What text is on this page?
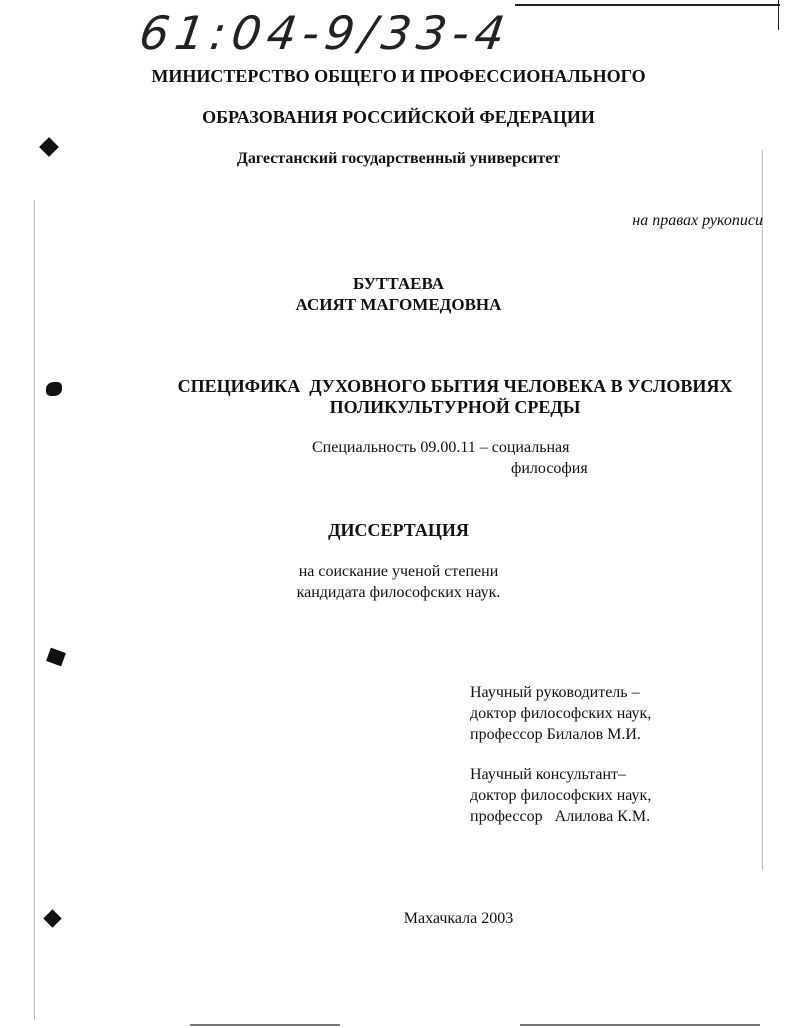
61:04-9/33-4
МИНИСТЕРСТВО ОБЩЕГО И ПРОФЕССИОНАЛЬНОГО
ОБРАЗОВАНИЯ РОССИЙСКОЙ ФЕДЕРАЦИИ
Дагестанский государственный университет
на правах рукописи
БУТТАЕВА
АСИЯТ МАГОМЕДОВНА
СПЕЦИФИКА  ДУХОВНОГО БЫТИЯ ЧЕЛОВЕКА В УСЛОВИЯХ
ПОЛИКУЛЬТУРНОЙ СРЕДЫ
Специальность 09.00.11 – социальная
философия
ДИССЕРТАЦИЯ
на соискание ученой степени
кандидата философских наук.
Научный руководитель –
доктор философских наук,
профессор Билалов М.И.
Научный консультант–
доктор философских наук,
профессор   Алилова К.М.
Махачкала 2003
